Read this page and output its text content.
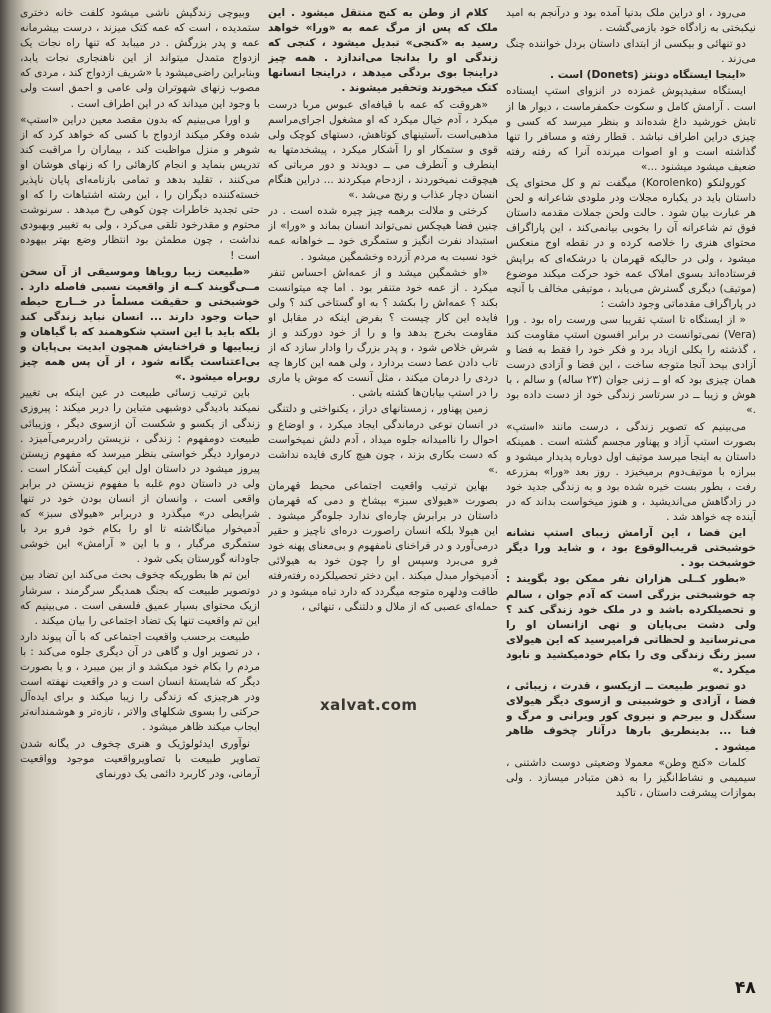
می‌رود ، او دراین ملک بدنیا آمده بود و درآنجم به امید نیکبختی به زادگاه خود بازمی‌گشت .

دو تنهائی و بیکسی از ابتدای داستان بردل خواننده چنگ می‌زند .

«اینجا ایستگاه دونتز (Donets) است .

ایستگاه سفیدپوش غمزده در انزوای استپ ایستاده است . آرامش کامل و سکوت حکمفرماست ، دیوار ها از تابش خورشید داغ شده‌اند و بنظر میرسد که کسی و چیزی دراین اطراف نباشد . قطار رفته و مسافر را تنها گذاشته است و او اصوات میرنده آنرا که رفته رفته ضعیف میشود میشنود ...»

کورولنکو (Korolenko) میگفت تم و کل محتوای یک داستان باید در یکباره مجلات ودر ملودی شاعرانه و لحن هر عبارت بیان شود . حالت ولحن جملات مقدمه داستان فوق تم شاعرانه آن را بخوبی بیانمی‌کند ، این پاراگراف محتوای هنری را خلاصه کرده و در نقطه اوج منعکس میشود ، ولی در حالیکه قهرمان با درشکه‌ای که برایش فرستاده‌اند بسوی املاک عمه خود حرکت میکند موضوع (موتیف) دیگری گسترش می‌یابد ، موتیفی مخالف با آنچه در پاراگراف مقدماتی وجود داشت :

« از ایستگاه تا استپ تقریبا سی ورست راه بود . ورا (Vera) نمی‌توانست در برابر افسون استپ مقاومت کند ، گذشته را بکلی ازیاد برد و فکر خود را فقط به فضا و آزادی بیحد آنجا متوجه ساخت ، این فضا و آزادی درست همان چیزی بود که او ــ زنی جوان (۲۳ ساله) و سالم ، با هوش و زیبا ــ در سرتاسر زندگی خود از دست داده بود .»

می‌بینیم که تصویر زندگی ، درست مانند «استپ» بصورت استپ آزاد و پهناور مجسم گشته است . همینکه داستان به اینجا میرسد موتیف اول دوباره پدیدار میشود و ببرازه با موتیف‌دوم برمیخیزد . روز بعد «ورا» بمزرعه رفت ، بطور بست خیره شده بود و به زندگی جدید خود در زادگاهش می‌اندیشید ، و هنوز میخواست بداند که در آینده چه خواهد شد .

این فضا ، این آرامش زیبای استپ نشانه خوشبختی قریب‌الوقوع بود ، و شاید ورا دیگر خوشبخت بود .

«بطور کــلی هزاران نفر ممکن بود بگویند : چه خوشبختی بزرگی است که آدم جوان ، سالم و تحصیلکرده باشد و در ملک خود زندگی کند ؟ ولی دشت بی‌پایان و تهی ازانسان او را می‌ترسانید و لحظاتی فرامیرسید که این هیولای سبز رنگ زندگی وی را بکام خودمیکشید و نابود میکرد .»

دو تصویر طبیعت ــ ازیکسو ، قدرت ، زیبائی ، فضا ، آزادی و خوشبینی و ازسوی دیگر هیولای سنگدل و بیرحم و نیروی کور ویرانی و مرگ و فنا ... بدینطریق بارها درآثار چخوف ظاهر میشود .

کلمات «کنج وطن» معمولا وضعیتی دوست داشتنی ، سیمیمی و نشاط‌انگیز را به ذهن متبادر میسازد . ولی بموازات پیشرفت داستان ، تاکید

کلام از وطن به کنج منتقل میشود . این ملک که پس از مرگ عمه به «ورا» خواهد رسید به «کنجی» تبدیل میشود ، کنجی که زندگی او را بدانجا می‌اندازد . همه چیز دراینجا بوی بردگی میدهد ، دراینجا انسانها کتک میخورند وتحقیر میشوند .

«هروقت که عمه با قیافه‌ای عبوس مربا درست میکرد ، آدم خیال میکرد که او مشغول اجرای‌مراسم مذهبی‌است ،آستینهای کوتاهش، دستهای کوچک ولی قوی و ستمکار او را آشکار میکرد ، پیشخدمتها به اینطرف و آنطرف می ــ دویدند و دور مرباتی که هیچوقت نمیخوردند ، ازدحام میکردند ... دراین هنگام انسان دچار عذاب و رنج می‌شد .»

کرختی و ملالت برهمه چیز چیره شده است . در چنین فضا هیچکس نمی‌تواند انسان بماند و «ورا» از استبداد نفرت انگیز و ستمگری خود ــ خواهانه عمه خود نسبت به مردم آزرده وخشمگین میشود .

«او خشمگین میشد و از عمه‌اش احساس تنفر میکرد . از عمه خود متنفر بود . اما چه میتوانست بکند ؟ عمه‌اش را بکشد ؟ به او گستاخی کند ؟ ولی فایده این کار چیست ؟ بفرض اینکه در مقابل او مقاومت بخرج بدهد وا و را از خود دورکند و از شرش خلاص شود ، و پدر بزرگ را وادار سازد که از تاب دادن عصا دست بردارد ، ولی همه این کارها چه دردی را درمان میکند ، مثل آنست که موش یا ماری را در استپ بیابان‌ها کشته باشی .

زمین پهناور ، زمستانهای دراز ، یکنواختی و دلتنگی در انسان نوعی درماندگی ایجاد میکرد ، و اوضاع و احوال را ناامیدانه جلوه میداد ، آدم دلش نمیخواست که دست بکاری بزند ، چون هیچ کاری فایده نداشت .»

بهاین ترتیب واقعیت اجتماعی محیط قهرمان بصورت «هیولای سبز» بیشاخ و دمی که قهرمان داستان در برابرش چاره‌ای ندارد جلوه‌گر میشود . این هیولا بلکه انسان راصورت دره‌ای ناچیز و حقیر درمی‌آورد و در فراخنای نامفهوم و بی‌معنای پهنه خود فرو می‌برد وسپس او را چون خود به هیولائی آدمیخوار مبدل میکند . این دختر تحصیلکرده رفته‌رفته طاقت ودلهره متوجه میگردد که دارد تباه میشود و در حمله‌ای عصبی که از ملال و دلتنگی ، تنهائی ،

وبیوچی زندگیش ناشی میشود کلفت خانه دختری ستمدیده ، است که عمه کتک میزند ، درست بیشرمانه عمه و پدر بزرگش . در میبابد که تنها راه نجات یک ازدواج متمدل میتواند از این ناهنجاری نجات یابد، وبنابراین راضی‌میشود با «شریف ازدواج کند ، مردی که مصوب زنهای شهوتران ولی عامی و احمق است ولی با وجود این میداند که در این اطراف است .

و اورا می‌بینیم که بدون مقصد معین دراین «استپ» شده وفکر میکند ازدواج با کسی که خواهد کرد که از شوهر و منزل مواظبت کند ، بیماران را مراقبت کند تدریس بنماید و انجام کارهائی را که زنهای هوشان او می‌کنند ، تقلید بدهد و تمامی بازنامه‌ای پایان ناپذیر خسته‌کننده دیگران را ، این رشته اشتباهات را که او حتی تجدید خاطرات چون کوهی رخ میدهد . سرنوشت محتوم و مقدرخود تلقی می‌کرد ، ولی به تغییر وبهبودی نداشت ، چون مطمئن بود انتظار وضع بهتر بیهوده است !

«طبیعت زیبا رویاها وموسیقی از آن سخن مــی‌گویند کــه از واقعیت نسبی فاصله دارد . خوشبختی و حقیقت مسلماً در خــارج حیطه حیات وجود دارند ... انسان نباید زندگی کند بلکه باید با این استپ شکوهمند که با گیاهان و زیباییها و فراخنایش همچون ابدیت بی‌پایان و بی‌اعتناست یگانه شود ، از آن پس همه چیز روبراه میشود .»

باین ترتیب زسائی طبیعت در عین اینکه بی تغییر نمیکند بادیدگی دوشبهی متباین را دربر میکند : پیروزی زندگی از یکسو و شکست آن ازسوی دیگر ، وزیبائی طبیعت دومفهوم : زندگی ، نزیستن رادربرمی‌آمیزد . درموارد دیگر خواستی بنظر میرسد که مفهوم زیستن پیروز میشود در داستان اول این کیفیت آشکار است . ولی در داستان دوم غلبه با مفهوم نزیستن در برابر واقعی است ، وانسان از انسان بودن خود در تنها شرایطی در» میگذرد و دربرابر «هیولای سبز» که آدمیخوار میانگاشته تا او را بکام خود فرو برد با ستمگری مرگبار ، و با این « آرامش» این خوشی جاودانه گورستان یکی شود .

این تم ها بطوریکه چخوف بحث می‌کند این تضاد بین دوتصویر طبیعت که بجنگ همدیگر سرگرمند ، سرشار ازیک محتوای بسیار عمیق فلسفی است . می‌بینیم که این تم واقعیت تنها یک تضاد اجتماعی را بیان میکند .

طبیعت برحسب واقعیت اجتماعی که با آن پیوند دارد ، در تصویر اول و گاهی در آن دیگری جلوه می‌کند : با مردم را بکام خود میکشد و از بین میبرد ، و یا بصورت دیگر که شایستهٔ انسان است و در واقعیت نهفته است ودر هرچیزی که زندگی را زیبا میکند و برای ایده‌آل حرکتی را بسوی شکلهای والاتر ، تازه‌تر و هوشمندانه‌تر ایجاب میکند ظاهر میشود .

نوآوری ایدئولوژیک و هنری چخوف در یگانه شدن تصاویر طبیعت با تصاویرواقعیت موجود وواقعیت آرمانی، ودر کاربرد دائمی یک دورنمای

xalvat.com
۴۸
